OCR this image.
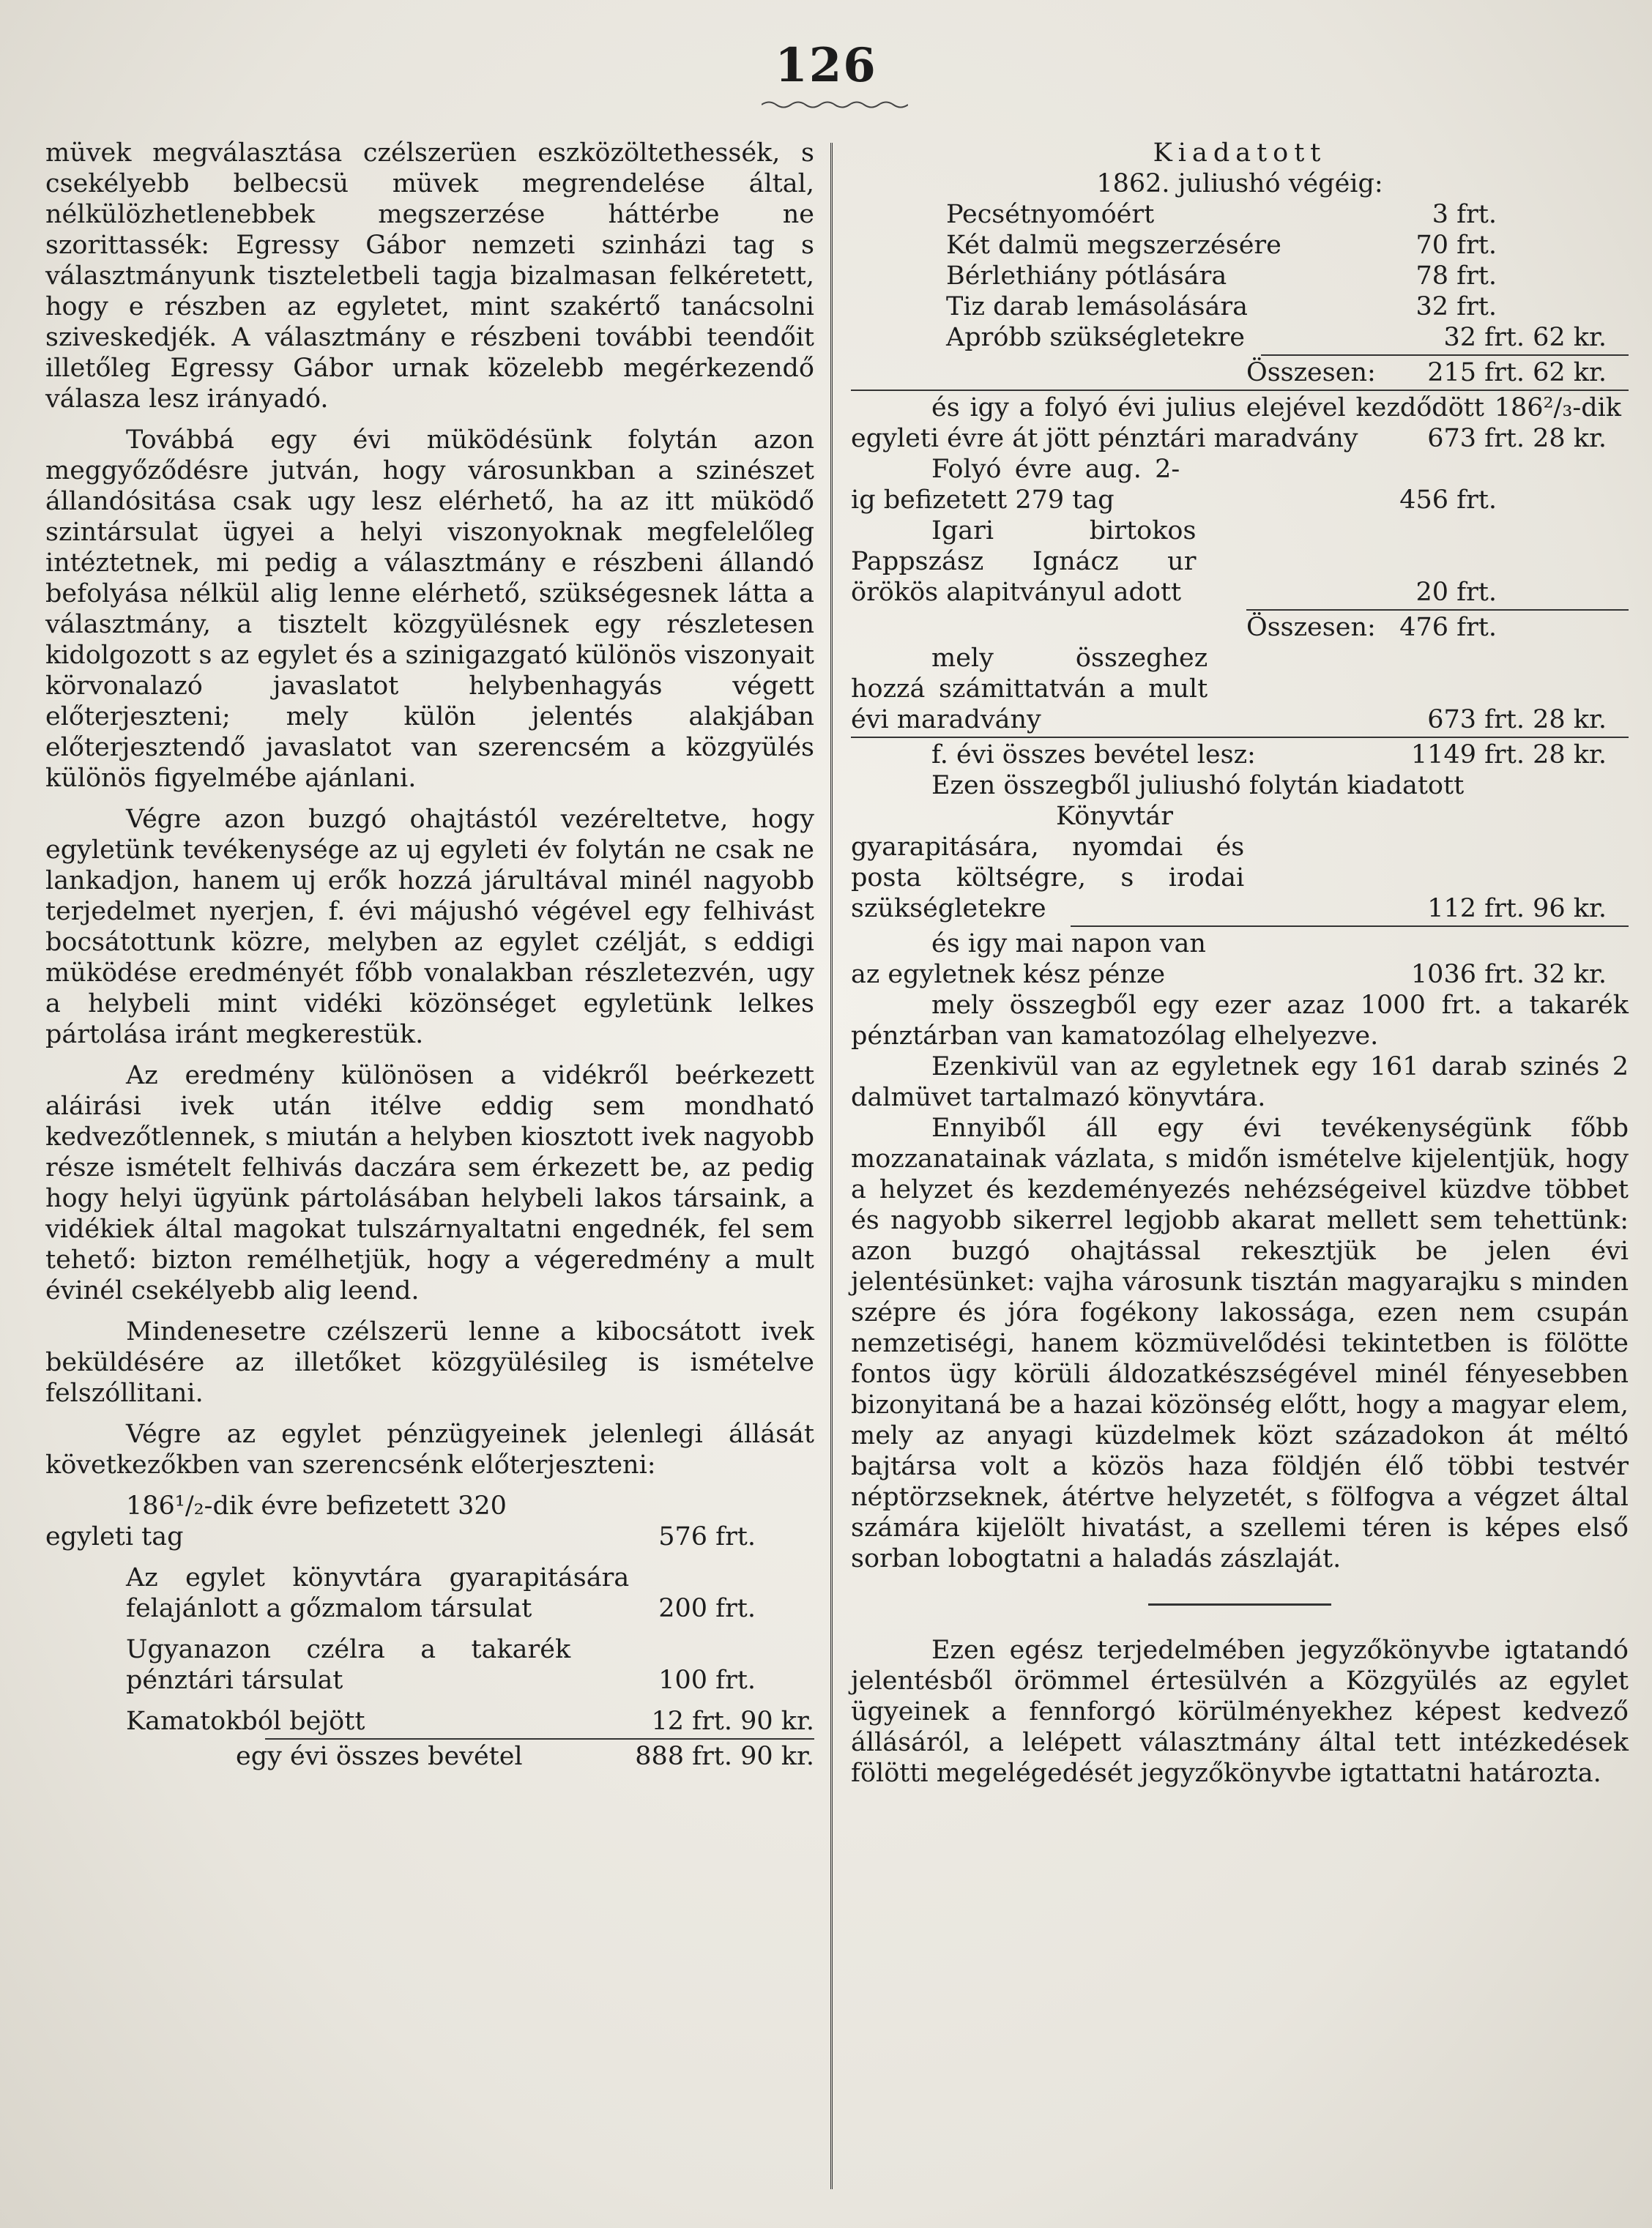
126

müvek megválasztása czélszerüen eszközöltethessék, s csekélyebb belbecsü müvek megrendelése által, nélkülözhetlenebbek megszerzése háttérbe ne szorittassék: Egressy Gábor nemzeti szinházi tag s választmányunk tiszteletbeli tagja bizalmasan felkéretett, hogy e részben az egyletet, mint szakértő tanácsolni sziveskedjék. A választmány e részbeni további teendőit illetőleg Egressy Gábor urnak közelebb megérkezendő válasza lesz irányadó.

Továbbá egy évi müködésünk folytán azon meggyőződésre jutván, hogy városunkban a szinészet állandósitása csak ugy lesz elérhető, ha az itt müködő szintársulat ügyei a helyi viszonyoknak megfelelőleg intéztetnek, mi pedig a választmány e részbeni állandó befolyása nélkül alig lenne elérhető, szükségesnek látta a választmány, a tisztelt közgyülésnek egy részletesen kidolgozott s az egylet és a szinigazgató különös viszonyait körvonalazó javaslatot helybenhagyás végett előterjeszteni; mely külön jelentés alakjában előterjesztendő javaslatot van szerencsém a közgyülés különös figyelmébe ajánlani.

Végre azon buzgó ohajtástól vezéreltetve, hogy egyletünk tevékenysége az uj egyleti év folytán ne csak ne lankadjon, hanem uj erők hozzá járultával minél nagyobb terjedelmet nyerjen, f. évi májushó végével egy felhivást bocsátottunk közre, melyben az egylet czélját, s eddigi müködése eredményét főbb vonalakban részletezvén, ugy a helybeli mint vidéki közönséget egyletünk lelkes pártolása iránt megkerestük.

Az eredmény különösen a vidékről beérkezett aláirási ivek után itélve eddig sem mondható kedvezőtlennek, s miután a helyben kiosztott ivek nagyobb része ismételt felhivás daczára sem érkezett be, az pedig hogy helyi ügyünk pártolásában helybeli lakos társaink, a vidékiek által magokat tulszárnyaltatni engednék, fel sem tehető: bizton remélhetjük, hogy a végeredmény a mult évinél csekélyebb alig leend.

Mindenesetre czélszerü lenne a kibocsátott ivek beküldésére az illetőket közgyülésileg is ismételve felszóllitani.

Végre az egylet pénzügyeinek jelenlegi állását következőkben van szerencsénk előterjeszteni:

186¹/₂-dik évre befizetett 320
egyleti tag	576 frt.
Az egylet könyvtára gyarapitására felajánlott a gőzmalom társulat	200 frt.
Ugyanazon czélra a takarék pénztári társulat	100 frt.
Kamatokból bejött	12 frt. 90 kr.
egy évi összes bevétel	888 frt. 90 kr.
Kiadatott
1862. juliushó végéig:
Pecsétnyomóért	3 frt.
Két dalmü megszerzésére	70 frt.
Bérlethiány pótlására	78 frt.
Tiz darab lemásolására	32 frt.
Apróbb szükségletekre	32 frt. 62 kr.
Összesen:	215 frt. 62 kr.
és igy a folyó évi julius elejével kezdődött 186²/₃-dik egyleti évre át jött pénztári maradvány	673 frt. 28 kr.
Folyó évre aug. 2-ig befizetett 279 tag	456 frt.
Igari birtokos Pappszász Ignácz ur örökös alapitványul adott	20 frt.
Összesen: 476 frt.
mely összeghez hozzá számittatván a mult évi maradvány	673 frt. 28 kr.
f. évi összes bevétel lesz:	1149 frt. 28 kr.
Ezen összegből juliushó folytán kiadatott
Könyvtár gyarapitására, nyomdai és posta költségre, s irodai szükségletekre	112 frt. 96 kr.
és igy mai napon van az egyletnek kész pénze	1036 frt. 32 kr.

mely összegből egy ezer azaz 1000 frt. a takarék pénztárban van kamatozólag elhelyezve.

Ezenkivül van az egyletnek egy 161 darab szinés 2 dalmüvet tartalmazó könyvtára.

Ennyiből áll egy évi tevékenységünk főbb mozzanatainak vázlata, s midőn ismételve kijelentjük, hogy a helyzet és kezdeményezés nehézségeivel küzdve többet és nagyobb sikerrel legjobb akarat mellett sem tehettünk: azon buzgó ohajtással rekesztjük be jelen évi jelentésünket: vajha városunk tisztán magyarajku s minden szépre és jóra fogékony lakossága, ezen nem csupán nemzetiségi, hanem közmüvelődési tekintetben is fölötte fontos ügy körüli áldozatkészségével minél fényesebben bizonyitaná be a hazai közönség előtt, hogy a magyar elem, mely az anyagi küzdelmek közt századokon át méltó bajtársa volt a közös haza földjén élő többi testvér néptörzseknek, átértve helyzetét, s fölfogva a végzet által számára kijelölt hivatást, a szellemi téren is képes első sorban lobogtatni a haladás zászlaját.

Ezen egész terjedelmében jegyzőkönyvbe igtatandó jelentésből örömmel értesülvén a Közgyülés az egylet ügyeinek a fennforgó körülményekhez képest kedvező állásáról, a lelépett választmány által tett intézkedések fölötti megelégedését jegyzőkönyvbe igtattatni határozta.
